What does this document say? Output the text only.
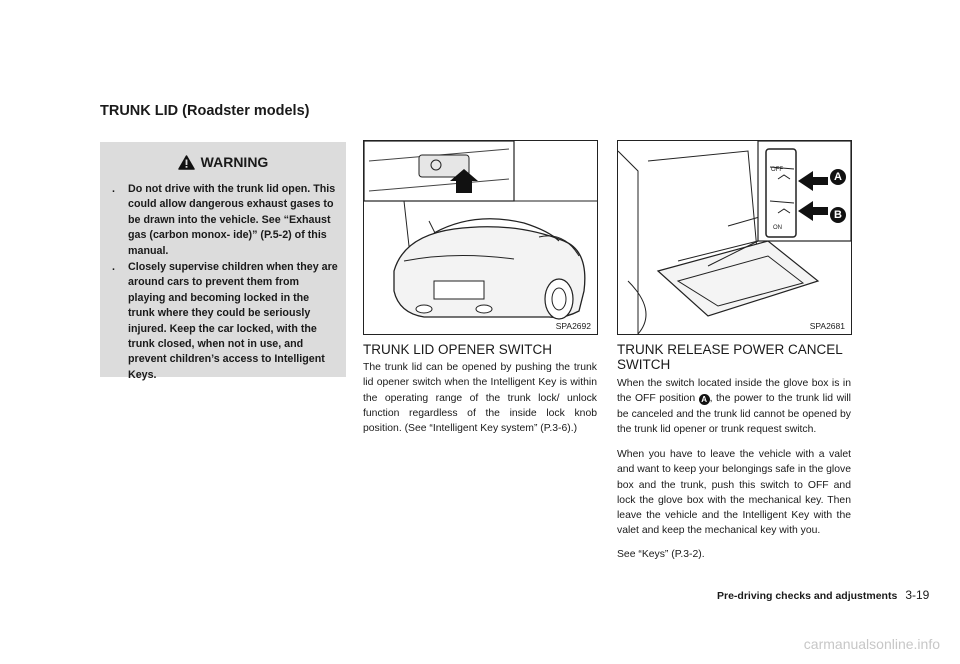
TRUNK LID (Roadster models)
WARNING
. Do not drive with the trunk lid open. This could allow dangerous exhaust gases to be drawn into the vehicle. See “Exhaust gas (carbon monox- ide)” (P.5-2) of this manual.
. Closely supervise children when they are around cars to prevent them from playing and becoming locked in the trunk where they could be seriously injured. Keep the car locked, with the trunk closed, when not in use, and prevent children’s access to Intelligent Keys.
SPA2692
OFF
ON
A
B
SPA2681
TRUNK LID OPENER SWITCH
The trunk lid can be opened by pushing the trunk lid opener switch when the Intelligent Key is within the operating range of the trunk lock/ unlock function regardless of the inside lock knob position. (See “Intelligent Key system” (P.3-6).)
TRUNK RELEASE POWER CANCEL SWITCH
When the switch located inside the glove box is in the OFF position A , the power to the trunk lid will be canceled and the trunk lid cannot be opened by the trunk lid opener or trunk request switch.
When you have to leave the vehicle with a valet and want to keep your belongings safe in the glove box and the trunk, push this switch to OFF and lock the glove box with the mechanical key. Then leave the vehicle and the Intelligent Key with the valet and keep the mechanical key with you.
See “Keys” (P.3-2).
Pre-driving checks and adjustments 3-19
carmanualsonline.info
